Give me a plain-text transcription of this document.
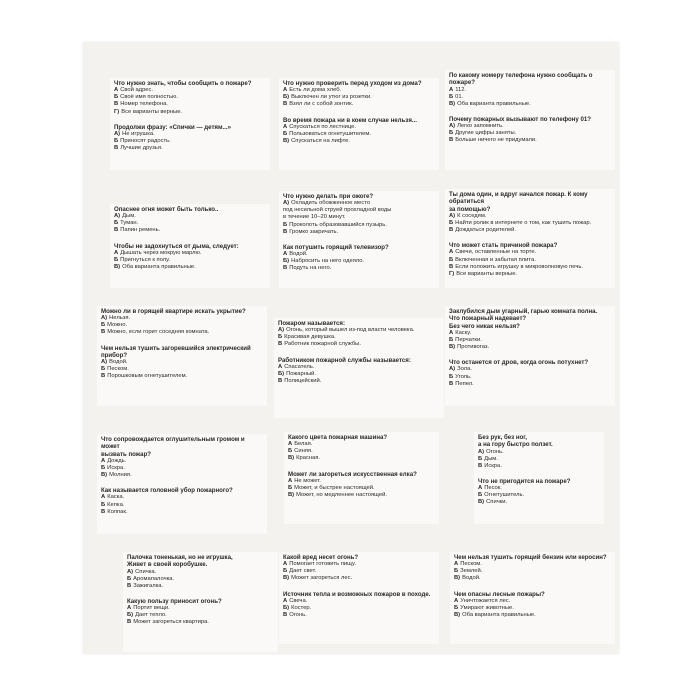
Что нужно знать, чтобы сообщить о пожаре?

А Свой адрес.
Б Своё имя полностью.
В Номер телефона.
Г) Все варианты верные.

Продолжи фразу: «Спички — детям...»

А) Не игрушка.
Б Приносят радость.
В Лучшие друзья.

Что нужно проверить перед уходом из дома?

А Есть ли дома хлеб.
Б) Выключен ли утюг из розетки.
В Взял ли с собой зонтик.

Во время пожара ни в коем случае нельзя...

А Спускаться по лестнице.
Б Пользоваться огнетушителем.
В) Спускаться на лифте.

По какому номеру телефона нужно сообщать о пожаре?

А 112.
Б 01.
В) Оба варианта правильные.

Почему пожарных вызывают по телефону 01?

А) Легко запомнить.
Б Другие цифры заняты.
В Больше ничего не придумали.

Опаснее огня может быть только..

А) Дым.
Б Туман.
В Папин ремень.

Чтобы не задохнуться от дыма, следует:

А Дышать через мокрую марлю.
Б Пригнуться к полу.
В) Оба варианта правильные.

Что нужно делать при ожоге?

А) Охладить обожженное место
под несильной струей прохладной воды
в течение 10–20 минут.
Б Проколоть образовавшийся пузырь.
В Громко закричать.

Как потушить горящий телевизор?

А Водой.
Б) Набросить на него одеяло.
В Подуть на него.

Ты дома один, и вдруг начался пожар. К кому обратиться
за помощью?

А) К соседям.
Б Найти ролик в интернете о том, как тушить пожар.
В Дождаться родителей.

Что может стать причиной пожара?

А Свечи, оставленные на торте.
Б Включенная и забытая плита.
В Если положить игрушку в микроволновую печь.
Г) Все варианты верные.

Можно ли в горящей квартире искать укрытие?

А) Нельзя.
Б Можно.
В Можно, если горит соседняя комната.

Чем нельзя тушить загоревшийся электрический
прибор?

А) Водой.
Б Песком.
В Порошковым огнетушителем.

Пожаром называется:

А) Огонь, который вышел из-под власти человека.
Б Красивая девушка.
В Работник пожарной службы.

Работником пожарной службы называется:

А Спасатель.
Б) Пожарный.
В Полицейский.

Заклубился дым угарный, гарью комната полна.
Что пожарный надевает?
Без чего никак нельзя?

А Каску.
Б Перчатки.
В) Противогаз.

Что останется от дров, когда огонь потухнет?

А) Зола.
Б Уголь.
В Пепел.

Что сопровождается оглушительным громом и может
вызвать пожар?

А Дождь.
Б Искра.
В) Молния.

Как называется головной убор пожарного?

А Каска.
Б Кепка.
В Колпак.

Какого цвета пожарная машина?

А Белая.
Б Синяя.
В) Красная.

Может ли загореться искусственная елка?

А Не может.
Б Может, и быстрее настоящей.
В) Может, но медленнее настоящей.

Без рук, без ног,
а на гору быстро ползет.

А) Огонь.
Б Дым.
В Искра.

Что не пригодится на пожаре?

А Песок.
Б Огнетушитель.
В) Спички.

Палочка тоненькая, но не игрушка,
Живет в своей коробушке.

А) Спичка.
Б Аромапалочка.
В Зажигалка.

Какую пользу приносит огонь?

А Портит вещи.
Б) Дает тепло.
В Может загореться квартира.

Какой вред несет огонь?

А Помогает готовить пищу.
Б Дает свет.
В) Может загореться лес.

Источник тепла и возможных пожаров в походе.

А Свеча.
Б) Костер.
В Огонь.

Чем нельзя тушить горящий бензин или керосин?

А Песком.
Б Землей.
В) Водой.

Чем опасны лесные пожары?

А Уничтожается лес.
Б Умирают животные.
В) Оба варианта правильные.
